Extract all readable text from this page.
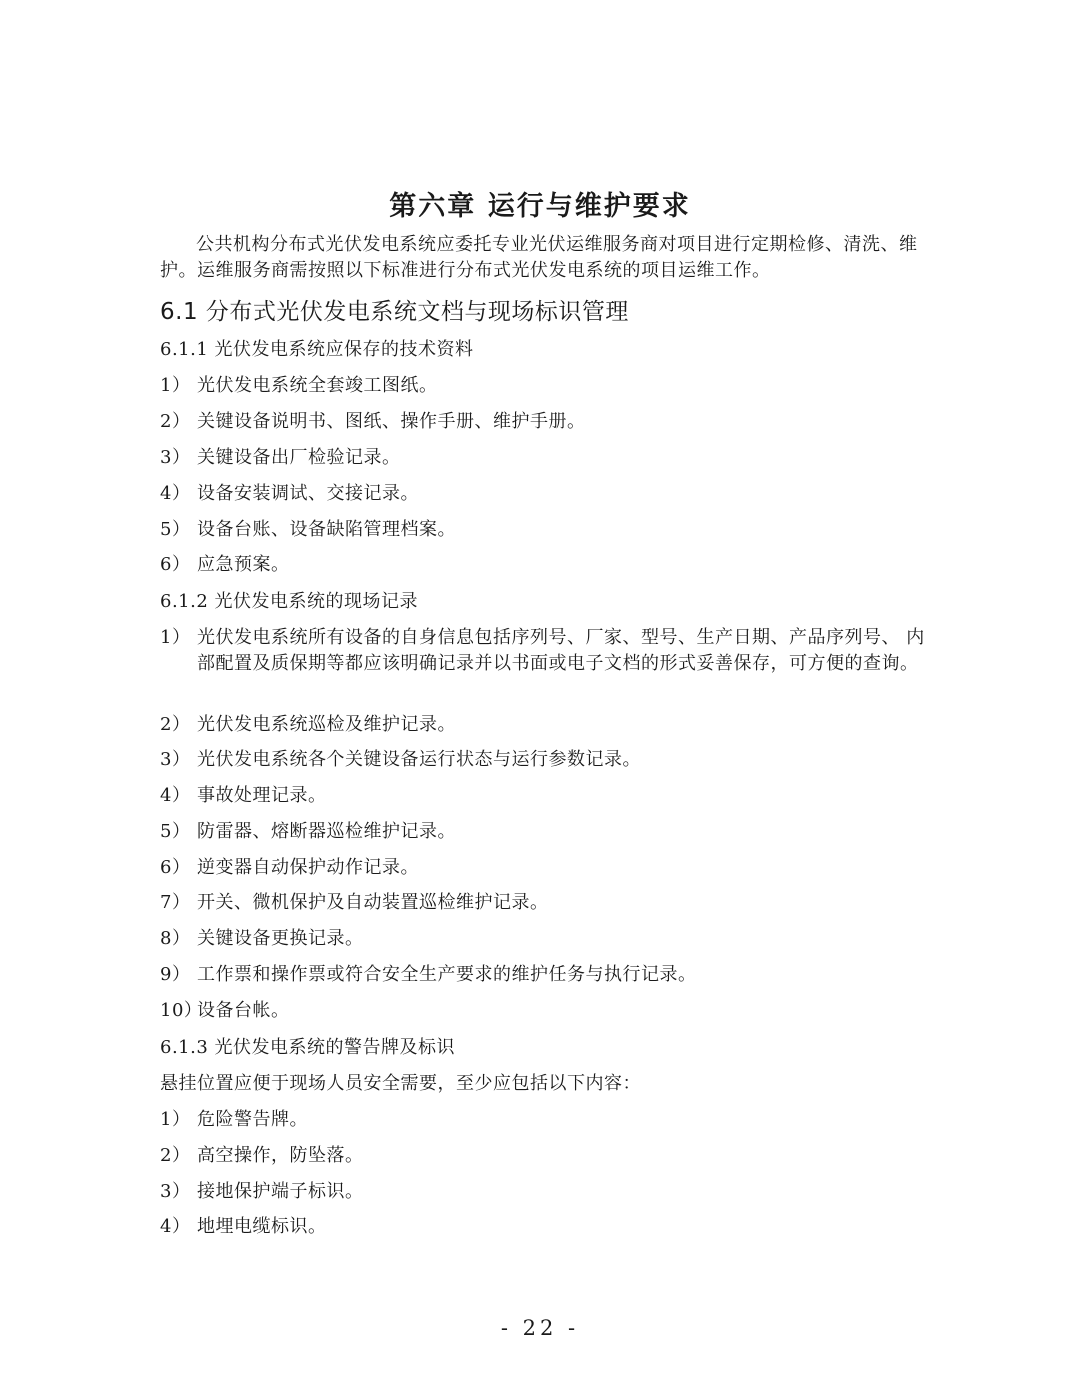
第六章 运行与维护要求
公共机构分布式光伏发电系统应委托专业光伏运维服务商对项目进行定期检修、清洗、维护。运维服务商需按照以下标准进行分布式光伏发电系统的项目运维工作。
6.1 分布式光伏发电系统文档与现场标识管理
6.1.1 光伏发电系统应保存的技术资料
1） 光伏发电系统全套竣工图纸。
2） 关键设备说明书、图纸、操作手册、维护手册。
3） 关键设备出厂检验记录。
4） 设备安装调试、交接记录。
5） 设备台账、设备缺陷管理档案。
6） 应急预案。
6.1.2 光伏发电系统的现场记录
1） 光伏发电系统所有设备的自身信息包括序列号、厂家、型号、生产日期、产品序列号、 内部配置及质保期等都应该明确记录并以书面或电子文档的形式妥善保存，可方便的查询。
2） 光伏发电系统巡检及维护记录。
3） 光伏发电系统各个关键设备运行状态与运行参数记录。
4） 事故处理记录。
5） 防雷器、熔断器巡检维护记录。
6） 逆变器自动保护动作记录。
7） 开关、微机保护及自动装置巡检维护记录。
8） 关键设备更换记录。
9） 工作票和操作票或符合安全生产要求的维护任务与执行记录。
10）
设备台帐。
6.1.3 光伏发电系统的警告牌及标识
悬挂位置应便于现场人员安全需要，至少应包括以下内容：
1） 危险警告牌。
2） 高空操作，防坠落。
3） 接地保护端子标识。
4） 地埋电缆标识。
- 22 -
